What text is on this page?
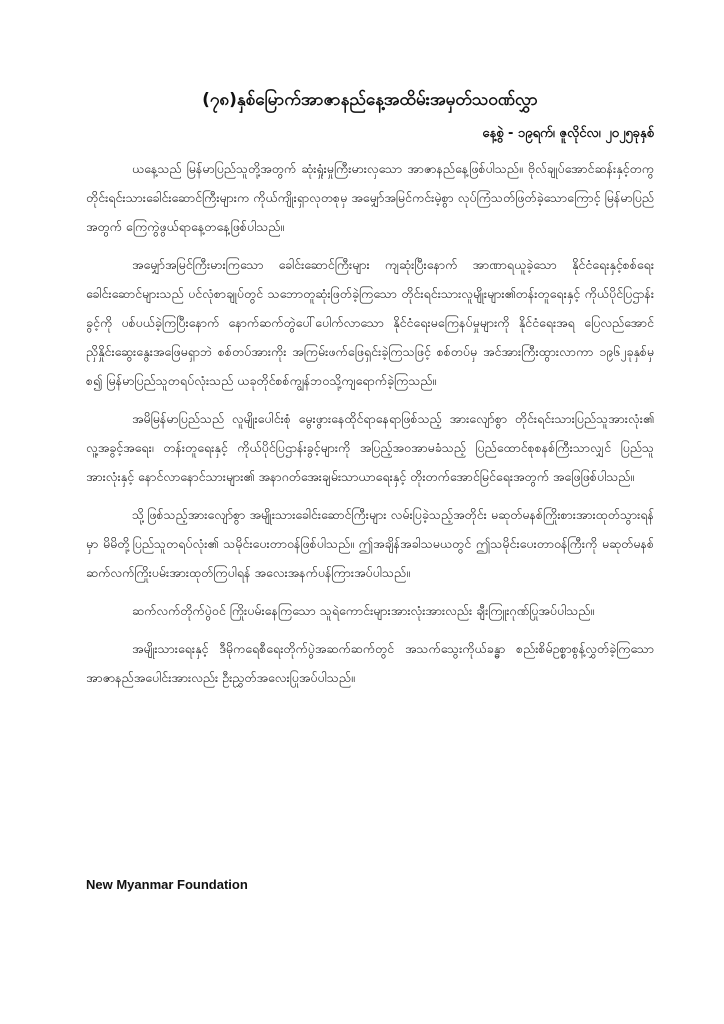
(၇၈)နှစ်မြောက်အာဇာနည်နေ့အထိမ်းအမှတ်သဝဏ်လွှာ
နေ့စွဲ - ၁၉ရက်၊ ဇူလိုင်လ၊ ၂၀၂၅ခုနှစ်
ယနေ့သည် မြန်မာပြည်သူတို့အတွက် ဆုံးရှုံးမှုကြီးမားလှသော အာဇာနည်နေ့ဖြစ်ပါသည်။ ဗိုလ်ချုပ်အောင်ဆန်းနှင့်တကွ တိုင်းရင်းသားခေါင်းဆောင်ကြီးများက ကိုယ်ကျိုးရှာလုတစုမှ အမျှော်အမြင်ကင်းမဲ့စွာ လုပ်ကြံသတ်ဖြတ်ခဲ့သောကြောင့် မြန်မာပြည်အတွက် ကြေကွဲဖွယ်ရာနေ့တနေ့ဖြစ်ပါသည်။
အမျှော်အမြင်ကြီးမားကြသော ခေါင်းဆောင်ကြီးများ ကျဆုံးပြီးနောက် အာဏာရယူခဲ့သော နိုင်ငံရေးနှင့်စစ်ရေးခေါင်းဆောင်များသည် ပင်လုံစာချုပ်တွင် သဘောတူဆုံးဖြတ်ခဲ့ကြသော တိုင်းရင်းသားလူမျိုးများ၏တန်းတူရေးနှင့် ကိုယ်ပိုင်ပြဌာန်းခွင့်ကို ပစ်ပယ်ခဲ့ကြပြီးနောက် နောက်ဆက်တွဲပေါ်ပေါက်လာသော နိုင်ငံရေးမကြေနပ်မှုများကို နိုင်ငံရေးအရ ပြေလည်အောင် ညှိနှိုင်းဆွေးနွေးအဖြေမရှာဘဲ စစ်တပ်အားကိုး အကြမ်းဖက်ဖြေရှင်းခဲ့ကြသဖြင့် စစ်တပ်မှ အင်အားကြီးထွားလာကာ ၁၉၆၂ခုနှစ်မှစ၍ မြန်မာပြည်သူတရပ်လုံးသည် ယခုတိုင်စစ်ကျွန်ဘဝသို့ကျရောက်ခဲ့ကြသည်။
အမိမြန်မာပြည်သည် လူမျိုးပေါင်းစုံ မွေးဖွားနေထိုင်ရာနေရာဖြစ်သည့် အားလျော်စွာ တိုင်းရင်းသားပြည်သူအားလုံး၏ လူ့အခွင့်အရေး၊ တန်းတူရေးနှင့် ကိုယ်ပိုင်ပြဌာန်းခွင့်များကို အပြည့်အဝအာမခံသည့် ပြည်ထောင်စုစနစ်ကြီးသာလျှင် ပြည်သူအားလုံးနှင့် နောင်လာနောင်သားများ၏ အနာဂတ်အေးချမ်းသာယာရေးနှင့် တိုးတက်အောင်မြင်ရေးအတွက် အဖြေဖြစ်ပါသည်။
သို့ဖြစ်သည့်အားလျော်စွာ အမျိုးသားခေါင်းဆောင်ကြီးများ လမ်းပြခဲ့သည့်အတိုင်း မဆုတ်မနစ်ကြိုးစားအားထုတ်သွားရန်မှာ မိမိတို့ပြည်သူတရပ်လုံး၏ သမိုင်းပေးတာဝန်ဖြစ်ပါသည်။ ဤအချိန်အခါသမယတွင် ဤသမိုင်းပေးတာဝန်ကြီးကို မဆုတ်မနစ်ဆက်လက်ကြိုးပမ်းအားထုတ်ကြပါရန် အလေးအနက်ပန်ကြားအပ်ပါသည်။
ဆက်လက်တိုက်ပွဲဝင် ကြိုးပမ်းနေကြသော သူရဲကောင်းများအားလုံးအားလည်း ချီးကြူးဂုဏ်ပြုအပ်ပါသည်။
အမျိုးသားရေးနှင့် ဒီမိုကရေစီရေးတိုက်ပွဲအဆက်ဆက်တွင် အသက်သွေးကိုယ်ခန္ဓာ စည်းစိမ်ဥစ္စာစွန့်လွှတ်ခဲ့ကြသော အာဇာနည်အပေါင်းအားလည်း ဦးညွှတ်အလေးပြုအပ်ပါသည်။
New Myanmar Foundation
